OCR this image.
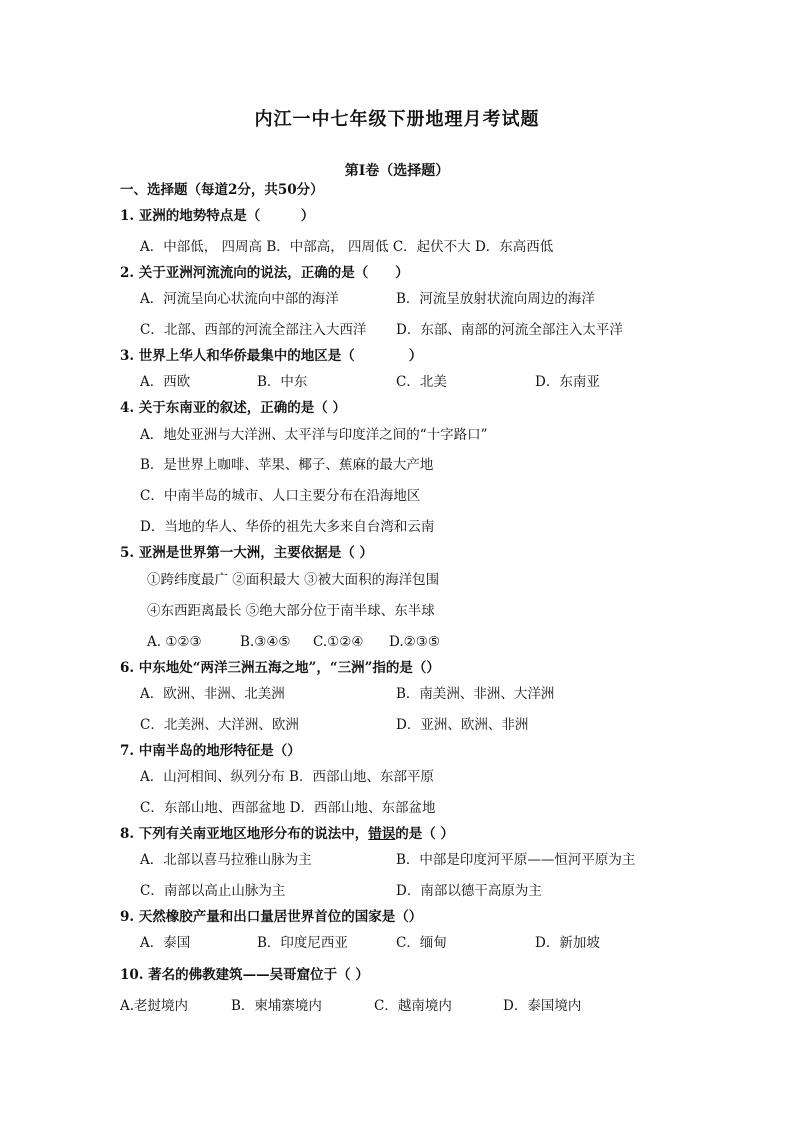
内江一中七年级下册地理月考试题
第Ⅰ卷（选择题）
一、选择题（每道2分，共50分）
1. 亚洲的地势特点是（　　　）
A．中部低， 四周高 B．中部高， 四周低 C．起伏不大 D．东高西低
2. 关于亚洲河流流向的说法，正确的是（　　）
A．河流呈向心状流向中部的海洋	B．河流呈放射状流向周边的海洋
C．北部、西部的河流全部注入大西洋 D．东部、南部的河流全部注入太平洋
3. 世界上华人和华侨最集中的地区是（　　　　）
A．西欧	B．中东	C．北美	D．东南亚
4. 关于东南亚的叙述，正确的是（ ）
A．地处亚洲与大洋洲、太平洋与印度洋之间的“十字路口”
B．是世界上咖啡、苹果、椰子、蕉麻的最大产地
C．中南半岛的城市、人口主要分布在沿海地区
D．当地的华人、华侨的祖先大多来自台湾和云南
5. 亚洲是世界第一大洲，主要依据是（ ）
①跨纬度最广 ②面积最大 ③被大面积的海洋包围
④东西距离最长 ⑤绝大部分位于南半球、东半球
A. ①②③	B.③④⑤ C.①②④ D.②③⑤
6. 中东地处“两洋三洲五海之地”，“三洲”指的是（）
A．欧洲、非洲、北美洲	B．南美洲、非洲、大洋洲
C．北美洲、大洋洲、欧洲	D．亚洲、欧洲、非洲
7. 中南半岛的地形特征是（）
A．山河相间、纵列分布 B．西部山地、东部平原
C．东部山地、西部盆地 D．西部山地、东部盆地
8. 下列有关南亚地区地形分布的说法中，错误的是（ ）
A．北部以喜马拉雅山脉为主	B．中部是印度河平原——恒河平原为主
C．南部以高止山脉为主	D．南部以德干高原为主
9. 天然橡胶产量和出口量居世界首位的国家是（）
A．泰国	B．印度尼西亚	C．缅甸	D．新加坡
10. 著名的佛教建筑——吴哥窟位于（ ）
A.老挝境内	B．柬埔寨境内	C．越南境内	D．泰国境内
